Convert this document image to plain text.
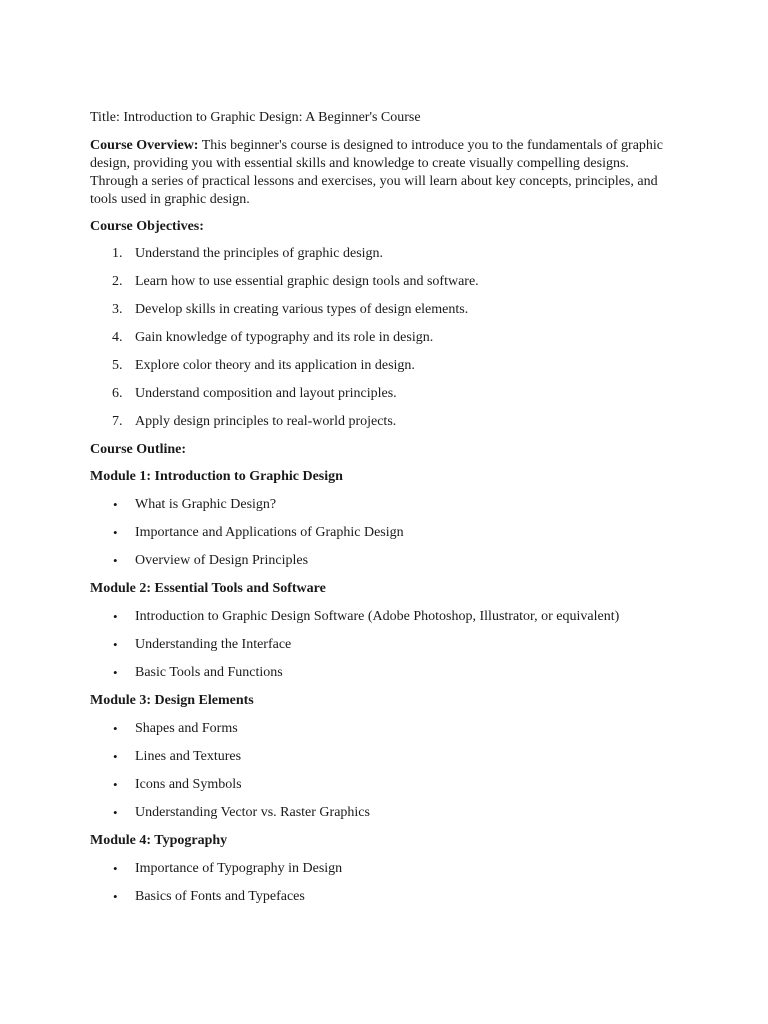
Title: Introduction to Graphic Design: A Beginner's Course

Course Overview: This beginner's course is designed to introduce you to the fundamentals of graphic design, providing you with essential skills and knowledge to create visually compelling designs. Through a series of practical lessons and exercises, you will learn about key concepts, principles, and tools used in graphic design.

Course Objectives:

1. Understand the principles of graphic design.
2. Learn how to use essential graphic design tools and software.
3. Develop skills in creating various types of design elements.
4. Gain knowledge of typography and its role in design.
5. Explore color theory and its application in design.
6. Understand composition and layout principles.
7. Apply design principles to real-world projects.

Course Outline:

Module 1: Introduction to Graphic Design

• What is Graphic Design?
• Importance and Applications of Graphic Design
• Overview of Design Principles

Module 2: Essential Tools and Software

• Introduction to Graphic Design Software (Adobe Photoshop, Illustrator, or equivalent)
• Understanding the Interface
• Basic Tools and Functions

Module 3: Design Elements

• Shapes and Forms
• Lines and Textures
• Icons and Symbols
• Understanding Vector vs. Raster Graphics

Module 4: Typography

• Importance of Typography in Design
• Basics of Fonts and Typefaces
